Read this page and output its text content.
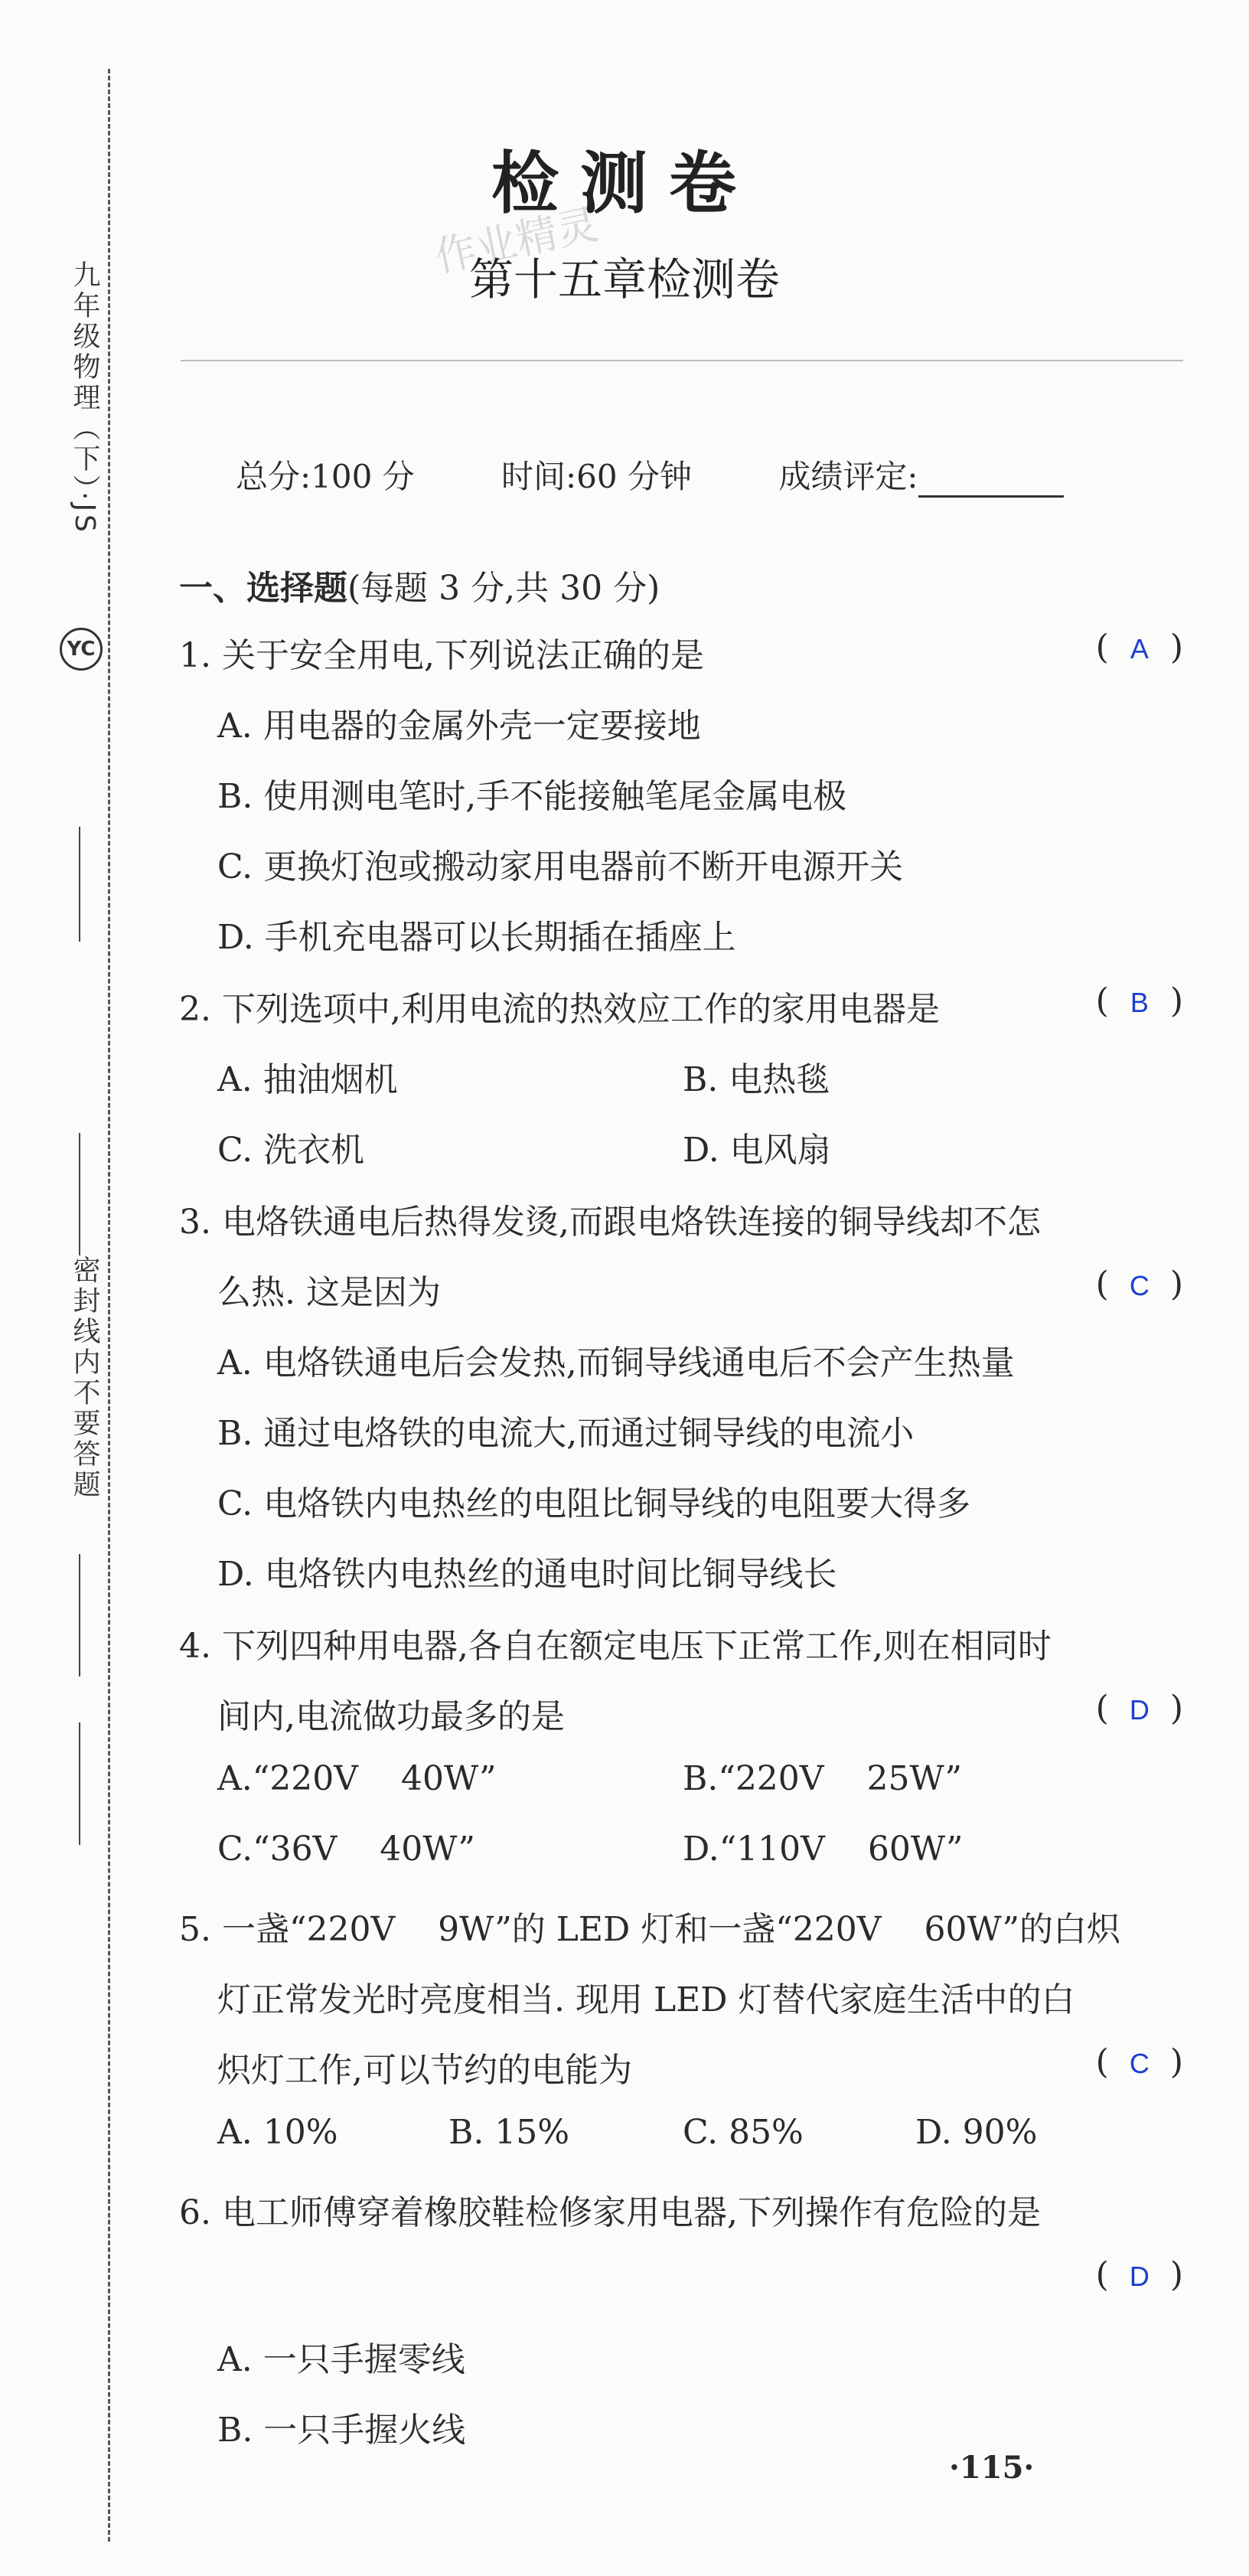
九年级物理（下）·JS
YC
密封线内不要答题
检测卷
作业精灵
第十五章检测卷
总分:100 分	时间:60 分钟	成绩评定:
一、选择题(每题 3 分,共 30 分)
1. 关于安全用电,下列说法正确的是	( A )
A. 用电器的金属外壳一定要接地
B. 使用测电笔时,手不能接触笔尾金属电极
C. 更换灯泡或搬动家用电器前不断开电源开关
D. 手机充电器可以长期插在插座上
2. 下列选项中,利用电流的热效应工作的家用电器是	( B )
A. 抽油烟机	B. 电热毯
C. 洗衣机	D. 电风扇
3. 电烙铁通电后热得发烫,而跟电烙铁连接的铜导线却不怎
么热. 这是因为	( C )
A. 电烙铁通电后会发热,而铜导线通电后不会产生热量
B. 通过电烙铁的电流大,而通过铜导线的电流小
C. 电烙铁内电热丝的电阻比铜导线的电阻要大得多
D. 电烙铁内电热丝的通电时间比铜导线长
4. 下列四种用电器,各自在额定电压下正常工作,则在相同时
间内,电流做功最多的是	( D )
A.“220V    40W”	B.“220V    25W”
C.“36V    40W”	D.“110V    60W”
5. 一盏“220V    9W”的 LED 灯和一盏“220V    60W”的白炽
灯正常发光时亮度相当. 现用 LED 灯替代家庭生活中的白
炽灯工作,可以节约的电能为	( C )
A. 10%	B. 15%	C. 85%	D. 90%
6. 电工师傅穿着橡胶鞋检修家用电器,下列操作有危险的是
( D )
A. 一只手握零线
B. 一只手握火线
·115·
